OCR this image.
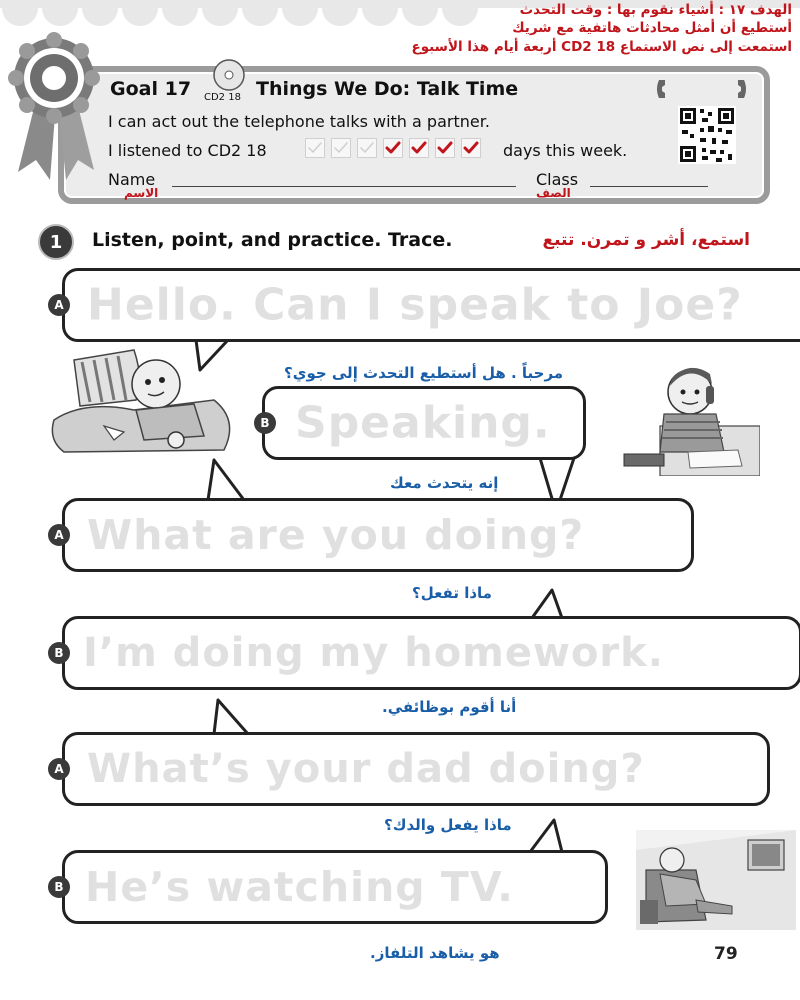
الهدف ١٧ : أشياء نقوم بها : وقت التحدث
أستطيع أن أمثل محادثات هاتفية مع شريك
استمعت إلى نص الاستماع CD2 18 أربعة أيام هذا الأسبوع
Goal 17 CD2 18 Things We Do: Talk Time
I can act out the telephone talks with a partner.
I listened to CD2 18	days this week.
Name
الاسم
Class
الصف
1	Listen, point, and practice. Trace.	استمع، أشر و تمرن. تتبع
Hello. Can I speak to Joe?
Speaking.
What are you doing?
I’m doing my homework.
What’s your dad doing?
He’s watching TV.
A
B
A
B
A
B
مرحباً . هل أستطيع التحدث إلى جوي؟
إنه يتحدث معك
ماذا تفعل؟
أنا أقوم بوظائفي.
ماذا يفعل والدك؟
هو يشاهد التلفاز.	79
